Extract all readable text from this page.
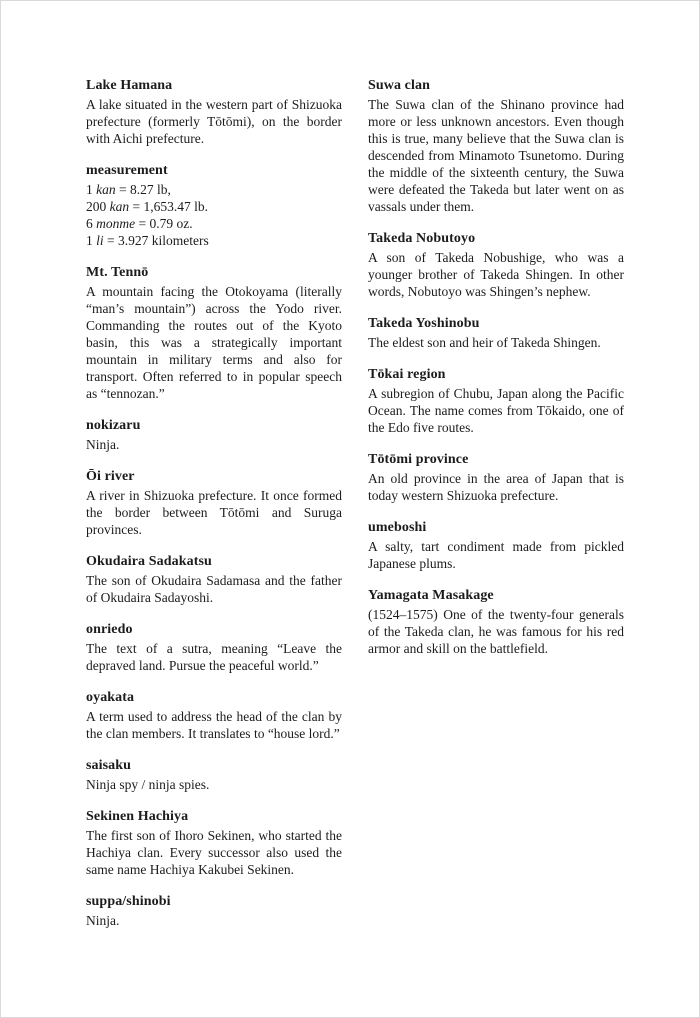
Lake Hamana

A lake situated in the western part of Shizuoka prefecture (formerly Tōtōmi), on the border with Aichi prefecture.

measurement
1 kan = 8.27 lb,
200 kan = 1,653.47 lb.
6 monme = 0.79 oz.
1 li = 3.927 kilometers
Mt. Tennō

A mountain facing the Otokoyama (literally “man’s mountain”) across the Yodo river. Commanding the routes out of the Kyoto basin, this was a strategically important mountain in military terms and also for transport. Often referred to in popular speech as “tennozan.”

nokizaru

Ninja.

Ōi river

A river in Shizuoka prefecture. It once formed the border between Tōtōmi and Suruga provinces.

Okudaira Sadakatsu

The son of Okudaira Sadamasa and the father of Okudaira Sadayoshi.

onriedo

The text of a sutra, meaning “Leave the depraved land. Pursue the peaceful world.”

oyakata

A term used to address the head of the clan by the clan members. It translates to “house lord.”

saisaku

Ninja spy / ninja spies.

Sekinen Hachiya

The first son of Ihoro Sekinen, who started the Hachiya clan. Every successor also used the same name Hachiya Kakubei Sekinen.

suppa/shinobi

Ninja.

Suwa clan

The Suwa clan of the Shinano province had more or less unknown ancestors. Even though this is true, many believe that the Suwa clan is descended from Minamoto Tsunetomo. During the middle of the sixteenth century, the Suwa were defeated the Takeda but later went on as vassals under them.

Takeda Nobutoyo

A son of Takeda Nobushige, who was a younger brother of Takeda Shingen. In other words, Nobutoyo was Shingen’s nephew.

Takeda Yoshinobu

The eldest son and heir of Takeda Shingen.

Tōkai region

A subregion of Chubu, Japan along the Pacific Ocean. The name comes from Tōkaido, one of the Edo five routes.

Tōtōmi province

An old province in the area of Japan that is today western Shizuoka prefecture.

umeboshi

A salty, tart condiment made from pickled Japanese plums.

Yamagata Masakage

(1524–1575) One of the twenty-four generals of the Takeda clan, he was famous for his red armor and skill on the battlefield.
